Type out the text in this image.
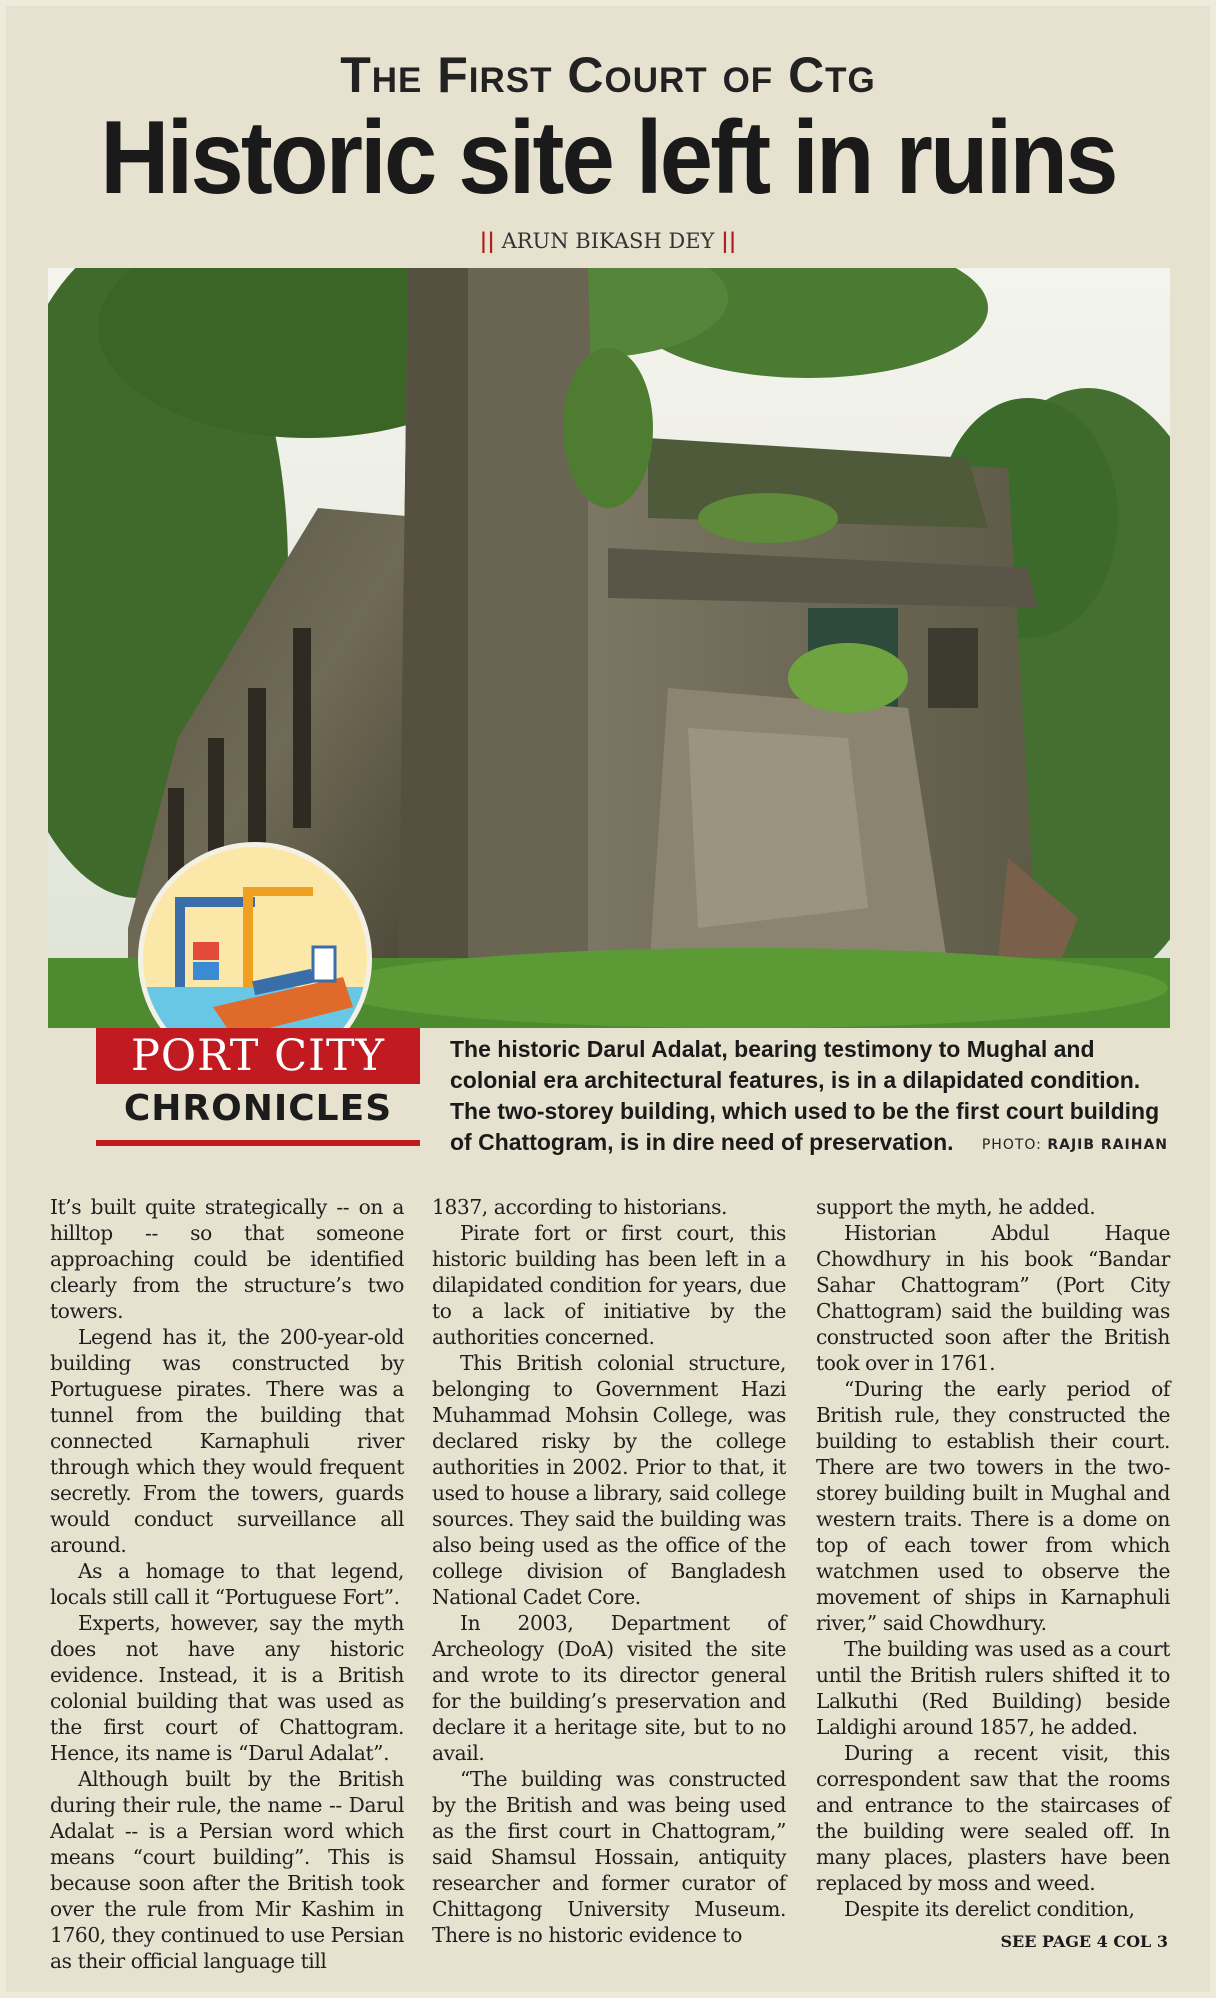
The First Court of Ctg
Historic site left in ruins
|| ARUN BIKASH DEY ||
PORT CITY
CHRONICLES
The historic Darul Adalat, bearing testimony to Mughal and colonial era architectural features, is in a dilapidated condition. The two-storey building, which used to be the first court building of Chattogram, is in dire need of preservation.	PHOTO: RAJIB RAIHAN

It’s built quite strategically -- on a hilltop -- so that someone approaching could be identified clearly from the structure’s two towers.

Legend has it, the 200-year-old building was constructed by Portuguese pirates. There was a tunnel from the building that connected Karnaphuli river through which they would frequent secretly. From the towers, guards would conduct surveillance all around.

As a homage to that legend, locals still call it “Portuguese Fort”.

Experts, however, say the myth does not have any historic evidence. Instead, it is a British colonial building that was used as the first court of Chattogram. Hence, its name is “Darul Adalat”.

Although built by the British during their rule, the name -- Darul Adalat -- is a Persian word which means “court building”. This is because soon after the British took over the rule from Mir Kashim in 1760, they continued to use Persian as their official language till

1837, according to historians.

Pirate fort or first court, this historic building has been left in a dilapidated condition for years, due to a lack of initiative by the authorities concerned.

This British colonial structure, belonging to Government Hazi Muhammad Mohsin College, was declared risky by the college authorities in 2002. Prior to that, it used to house a library, said college sources. They said the building was also being used as the office of the college division of Bangladesh National Cadet Core.

In 2003, Department of Archeology (DoA) visited the site and wrote to its director general for the building’s preservation and declare it a heritage site, but to no avail.

“The building was constructed by the British and was being used as the first court in Chattogram,” said Shamsul Hossain, antiquity researcher and former curator of Chittagong University Museum. There is no historic evidence to

support the myth, he added.

Historian Abdul Haque Chowdhury in his book “Bandar Sahar Chattogram” (Port City Chattogram) said the building was constructed soon after the British took over in 1761.

“During the early period of British rule, they constructed the building to establish their court. There are two towers in the two-storey building built in Mughal and western traits. There is a dome on top of each tower from which watchmen used to observe the movement of ships in Karnaphuli river,” said Chowdhury.

The building was used as a court until the British rulers shifted it to Lalkuthi (Red Building) beside Laldighi around 1857, he added.

During a recent visit, this correspondent saw that the rooms and entrance to the staircases of the building were sealed off. In many places, plasters have been replaced by moss and weed.

Despite its derelict condition,

SEE PAGE 4 COL 3
